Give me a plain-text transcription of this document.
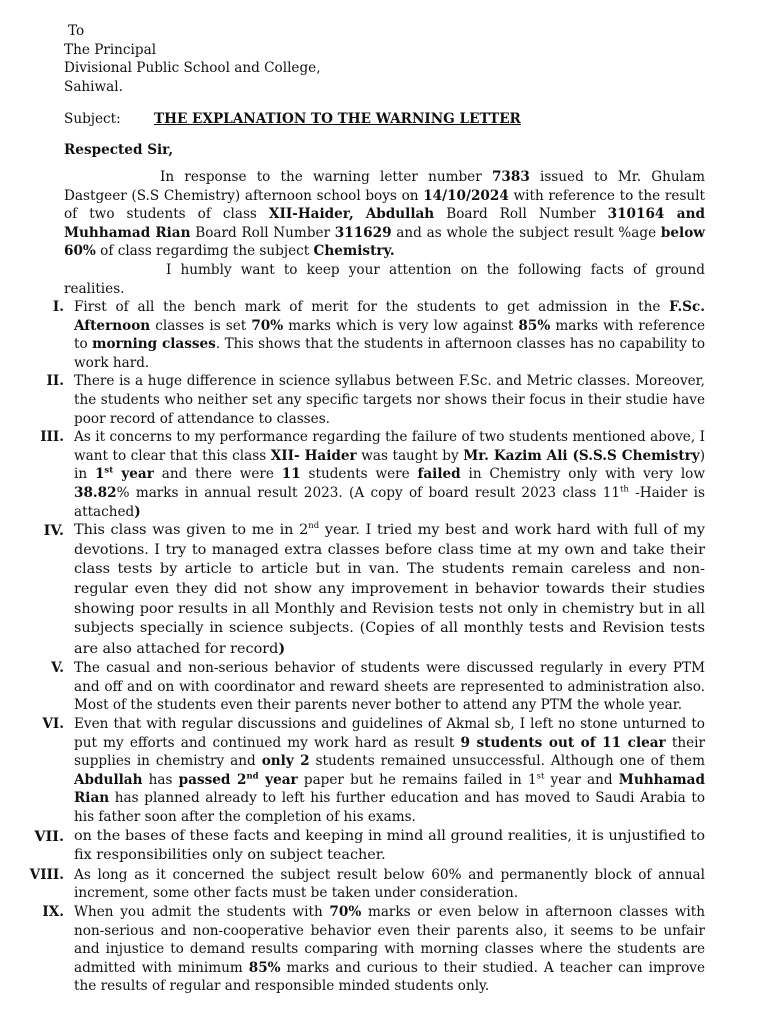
To
The Principal
Divisional Public School and College,
Sahiwal.
Subject: THE EXPLANATION TO THE WARNING LETTER
Respected Sir,

In response to the warning letter number 7383 issued to Mr. Ghulam Dastgeer (S.S Chemistry) afternoon school boys on 14/10/2024 with reference to the result of two students of class XII-Haider, Abdullah Board Roll Number 310164 and Muhhamad Rian Board Roll Number 311629 and as whole the subject result %age below 60% of class regardimg the subject Chemistry.

I humbly want to keep your attention on the following facts of ground realities.

I. First of all the bench mark of merit for the students to get admission in the F.Sc. Afternoon classes is set 70% marks which is very low against 85% marks with reference to morning classes. This shows that the students in afternoon classes has no capability to work hard.
II. There is a huge difference in science syllabus between F.Sc. and Metric classes. Moreover, the students who neither set any specific targets nor shows their focus in their studie have poor record of attendance to classes.
III. As it concerns to my performance regarding the failure of two students mentioned above, I want to clear that this class XII- Haider was taught by Mr. Kazim Ali (S.S.S Chemistry) in 1st year and there were 11 students were failed in Chemistry only with very low 38.82% marks in annual result 2023. (A copy of board result 2023 class 11th -Haider is attached)
IV. This class was given to me in 2nd year. I tried my best and work hard with full of my devotions. I try to managed extra classes before class time at my own and take their class tests by article to article but in van. The students remain careless and non-regular even they did not show any improvement in behavior towards their studies showing poor results in all Monthly and Revision tests not only in chemistry but in all subjects specially in science subjects. (Copies of all monthly tests and Revision tests are also attached for record)
V. The casual and non-serious behavior of students were discussed regularly in every PTM and off and on with coordinator and reward sheets are represented to administration also. Most of the students even their parents never bother to attend any PTM the whole year.
VI. Even that with regular discussions and guidelines of Akmal sb, I left no stone unturned to put my efforts and continued my work hard as result 9 students out of 11 clear their supplies in chemistry and only 2 students remained unsuccessful. Although one of them Abdullah has passed 2nd year paper but he remains failed in 1st year and Muhhamad Rian has planned already to left his further education and has moved to Saudi Arabia to his father soon after the completion of his exams.
VII. on the bases of these facts and keeping in mind all ground realities, it is unjustified to fix responsibilities only on subject teacher.
VIII. As long as it concerned the subject result below 60% and permanently block of annual increment, some other facts must be taken under consideration.
IX. When you admit the students with 70% marks or even below in afternoon classes with non-serious and non-cooperative behavior even their parents also, it seems to be unfair and injustice to demand results comparing with morning classes where the students are admitted with minimum 85% marks and curious to their studied. A teacher can improve the results of regular and responsible minded students only.
